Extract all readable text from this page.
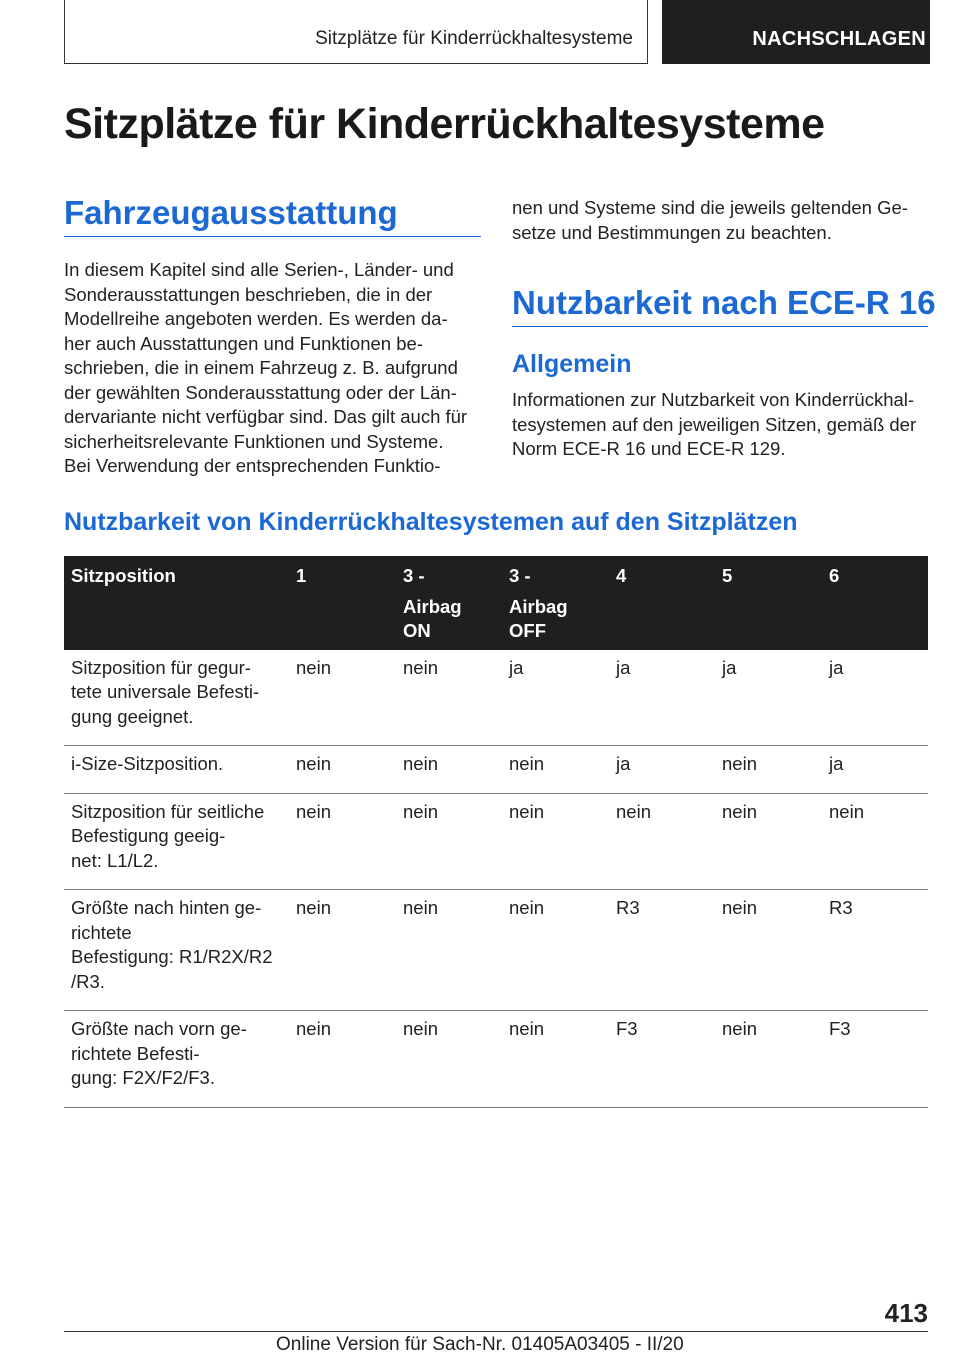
Sitzplätze für Kinderrückhaltesysteme	NACHSCHLAGEN
Sitzplätze für Kinderrückhaltesysteme
Fahrzeugausstattung

In diesem Kapitel sind alle Serien-, Länder- und
Sonderausstattungen beschrieben, die in der
Modellreihe angeboten werden. Es werden da-
her auch Ausstattungen und Funktionen be-
schrieben, die in einem Fahrzeug z. B. aufgrund
der gewählten Sonderausstattung oder der Län-
dervariante nicht verfügbar sind. Das gilt auch für
sicherheitsrelevante Funktionen und Systeme.
Bei Verwendung der entsprechenden Funktio-

nen und Systeme sind die jeweils geltenden Ge-
setze und Bestimmungen zu beachten.

Nutzbarkeit nach ECE-R 16
Allgemein

Informationen zur Nutzbarkeit von Kinderrückhal-
tesystemen auf den jeweiligen Sitzen, gemäß der
Norm ECE-R 16 und ECE-R 129.

Nutzbarkeit von Kinderrückhaltesystemen auf den Sitzplätzen
Sitzposition	1	3 -
Airbag
ON	3 -
Airbag
OFF	4	5	6
Sitzposition für gegur-
tete universale Befesti-
gung geeignet.	nein	nein	ja	ja	ja	ja
i-Size-Sitzposition.	nein	nein	nein	ja	nein	ja
Sitzposition für seitliche
Befestigung geeig-
net: L1/L2.	nein	nein	nein	nein	nein	nein
Größte nach hinten ge-
richtete
Befestigung: R1/R2X/R2
/R3.	nein	nein	nein	R3	nein	R3
Größte nach vorn ge-
richtete Befesti-
gung: F2X/F2/F3.	nein	nein	nein	F3	nein	F3
413
Online Version für Sach-Nr. 01405A03405 - II/20
